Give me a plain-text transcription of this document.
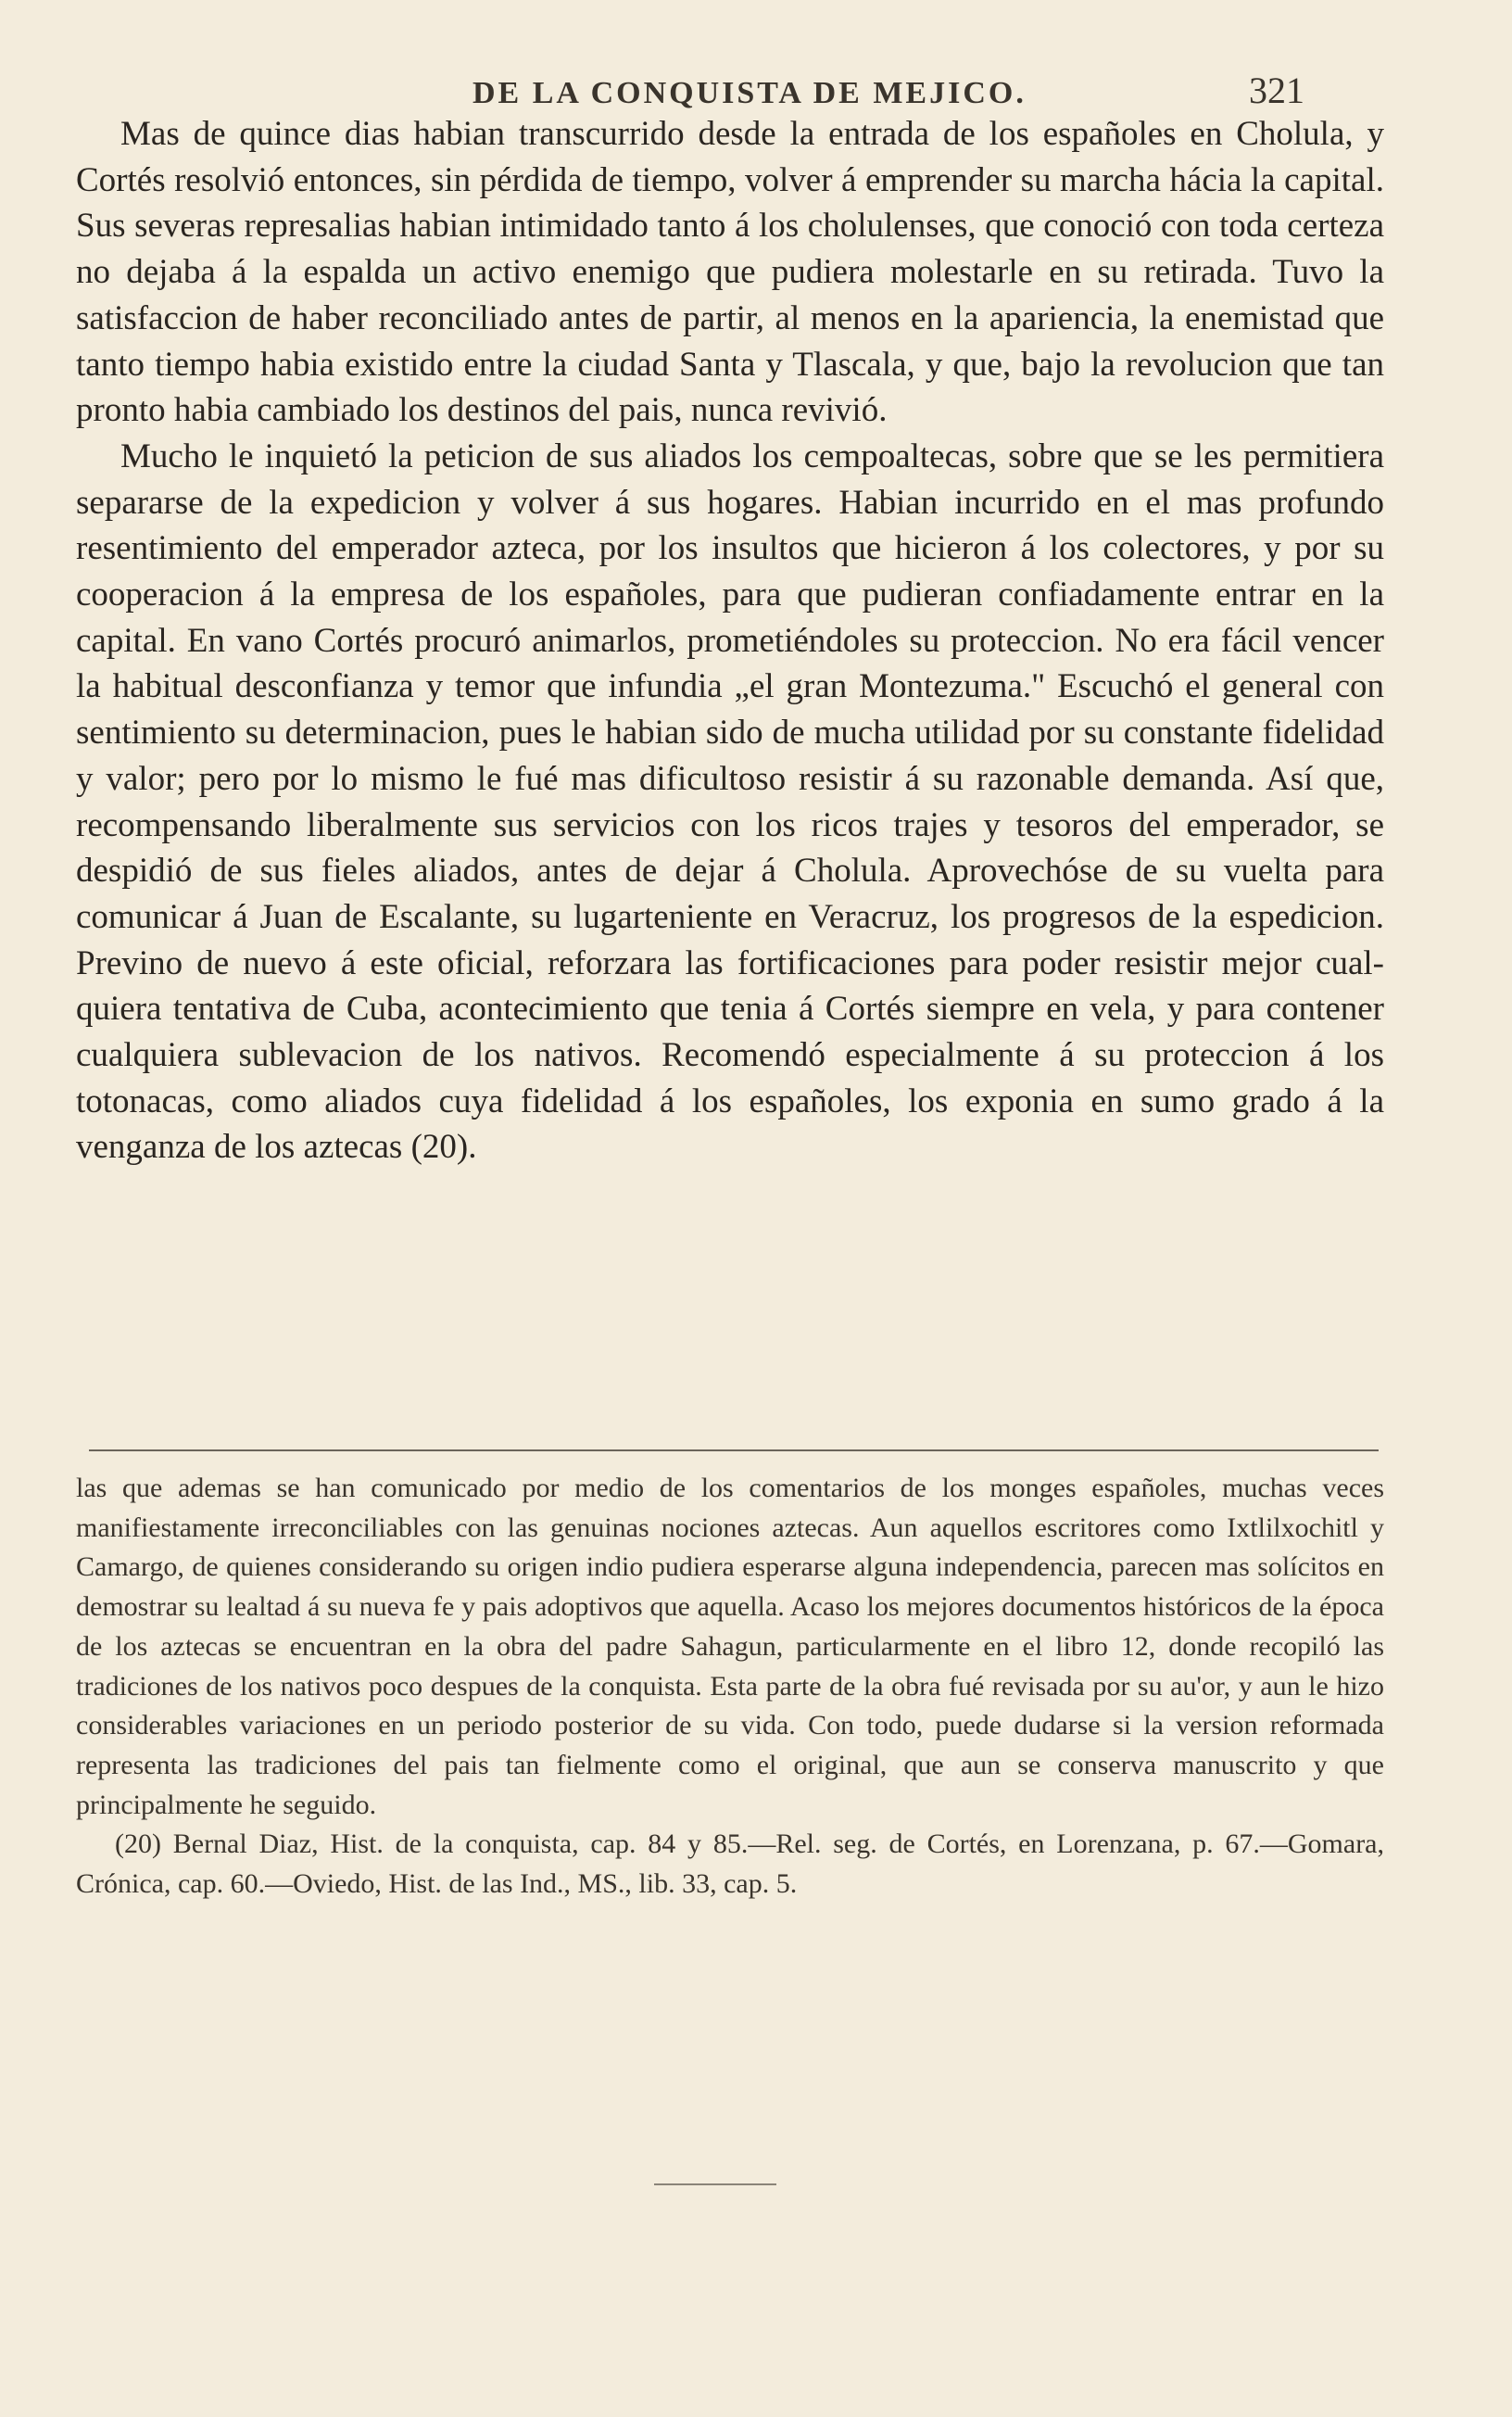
DE LA CONQUISTA DE MEJICO.	321

Mas de quince dias habian transcurrido desde la entrada de los españoles en Cholula, y Cortés resolvió entonces, sin pérdida de tiempo, volver á emprender su marcha hácia la capital. Sus severas represalias habian intimidado tanto á los cholulenses, que conoció con toda certeza no dejaba á la espalda un activo enemigo que pudiera molestarle en su retirada. Tuvo la satisfaccion de haber reconciliado antes de partir, al menos en la apariencia, la enemistad que tanto tiempo habia existido entre la ciudad Santa y Tlascala, y que, bajo la revolucion que tan pronto habia cambiado los destinos del pais, nunca revivió.

Mucho le inquietó la peticion de sus aliados los cempoaltecas, sobre que se les permitiera separarse de la expedicion y volver á sus hogares. Habian incurrido en el mas profundo resentimiento del emperador azteca, por los insultos que hicieron á los colectores, y por su cooperacion á la empresa de los españoles, para que pudieran confiadamente entrar en la capital. En vano Cortés procuró animarlos, prometiéndoles su proteccion. No era fácil vencer la habitual desconfianza y temor que infundia „el gran Montezuma." Escuchó el general con sentimiento su determinacion, pues le habian sido de mucha utilidad por su constante fidelidad y valor; pero por lo mismo le fué mas dificultoso resistir á su razonable demanda. Así que, recompensando liberalmente sus servicios con los ricos trajes y tesoros del emperador, se despidió de sus fieles aliados, antes de dejar á Cholula. Aprovechóse de su vuelta para comunicar á Juan de Escalante, su lugarteniente en Veracruz, los progresos de la espedicion. Previno de nuevo á este oficial, reforzara las fortificaciones para poder resistir mejor cualquiera tentativa de Cuba, acontecimiento que tenia á Cortés siempre en vela, y para contener cualquiera sublevacion de los nativos. Recomendó especialmente á su proteccion á los totonacas, como aliados cuya fidelidad á los españoles, los exponia en sumo grado á la venganza de los aztecas (20).

las que ademas se han comunicado por medio de los comentarios de los monges españoles, muchas veces manifiestamente irreconciliables con las genuinas nociones aztecas. Aun aquellos escritores como Ixtlilxochitl y Camargo, de quienes considerando su origen indio pudiera esperarse alguna independencia, parecen mas solícitos en demostrar su lealtad á su nueva fe y pais adoptivos que aquella. Acaso los mejores documentos históricos de la época de los aztecas se encuentran en la obra del padre Sahagun, particularmente en el libro 12, donde recopiló las tradiciones de los nativos poco despues de la conquista. Esta parte de la obra fué revisada por su au'or, y aun le hizo considerables variaciones en un periodo posterior de su vida. Con todo, puede dudarse si la version reformada representa las tradiciones del pais tan fielmente como el original, que aun se conserva manuscrito y que principalmente he seguido.

(20) Bernal Diaz, Hist. de la conquista, cap. 84 y 85.—Rel. seg. de Cortés, en Lorenzana, p. 67.—Gomara, Crónica, cap. 60.—Oviedo, Hist. de las Ind., MS., lib. 33, cap. 5.
